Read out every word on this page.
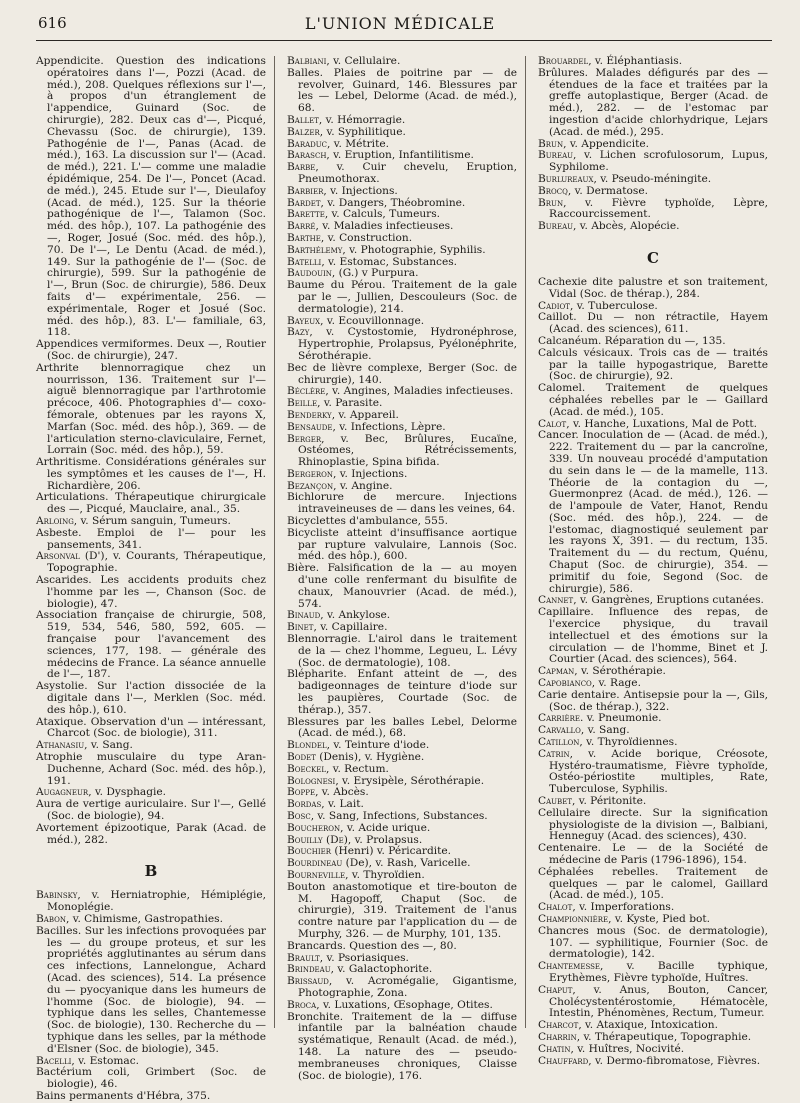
616	L'UNION MÉDICALE

Appendicite. Question des indications opératoires dans l'—, Pozzi (Acad. de méd.), 208. Quelques réflexions sur l'—, à propos d'un étranglement de l'appendice, Guinard (Soc. de chirurgie), 282. Deux cas d'—, Picqué, Chevassu (Soc. de chirurgie), 139. Pathogénie de l'—, Panas (Acad. de méd.), 163. La discussion sur l'— (Acad. de méd.), 221. L'— comme une maladie épidémique, 254. De l'—, Poncet (Acad. de méd.), 245. Etude sur l'—, Dieulafoy (Acad. de méd.), 125. Sur la théorie pathogénique de l'—, Talamon (Soc. méd. des hôp.), 107. La pathogénie des —, Roger, Josué (Soc. méd. des hôp.), 70. De l'—, Le Dentu (Acad. de méd.), 149. Sur la pathogénie de l'— (Soc. de chirurgie), 599. Sur la pathogénie de l'—, Brun (Soc. de chirurgie), 586. Deux faits d'— expérimentale, 256. — expérimentale, Roger et Josué (Soc. méd. des hôp.), 83. L'— familiale, 63, 118.

Appendices vermiformes. Deux —, Routier (Soc. de chirurgie), 247.

Arthrite blennorragique chez un nourrisson, 136. Traitement sur l'— aiguë blennorragique par l'arthrotomie précoce, 406. Photographies d'— coxo-fémorale, obtenues par les rayons X, Marfan (Soc. méd. des hôp.), 369. — de l'articulation sterno-claviculaire, Fernet, Lorrain (Soc. méd. des hôp.), 59.

Arthritisme. Considérations générales sur les symptômes et les causes de l'—, H. Richardière, 206.

Articulations. Thérapeutique chirurgicale des —, Picqué, Mauclaire, anal., 35.

Arloing, v. Sérum sanguin, Tumeurs.

Asbeste. Emploi de l'— pour les pansements, 341.

Arsonval (D'), v. Courants, Thérapeutique, Topographie.

Ascarides. Les accidents produits chez l'homme par les —, Chanson (Soc. de biologie), 47.

Association française de chirurgie, 508, 519, 534, 546, 580, 592, 605. — française pour l'avancement des sciences, 177, 198. — générale des médecins de France. La séance annuelle de l'—, 187.

Asystolie. Sur l'action dissociée de la digitale dans l'—, Merklen (Soc. méd. des hôp.), 610.

Ataxique. Observation d'un — intéressant, Charcot (Soc. de biologie), 311.

Athanasiu, v. Sang.

Atrophie musculaire du type Aran-Duchenne, Achard (Soc. méd. des hôp.), 191.

Augagneur, v. Dysphagie.

Aura de vertige auriculaire. Sur l'—, Gellé (Soc. de biologie), 94.

Avortement épizootique, Parak (Acad. de méd.), 282.

B

Babinsky, v. Herniatrophie, Hémiplégie, Monoplégie.

Babon, v. Chimisme, Gastropathies.

Bacilles. Sur les infections provoquées par les — du groupe proteus, et sur les propriétés agglutinantes au sérum dans ces infections, Lannelongue, Achard (Acad. des sciences), 514. La présence du — pyocyanique dans les humeurs de l'homme (Soc. de biologie), 94. — typhique dans les selles, Chantemesse (Soc. de biologie), 130. Recherche du — typhique dans les selles, par la méthode d'Elsner (Soc. de biologie), 345.

Bacelli, v. Estomac.

Bactérium coli, Grimbert (Soc. de biologie), 46.

Bains permanents d'Hébra, 375.

Balbiani, v. Cellulaire.

Balles. Plaies de poitrine par — de revolver, Guinard, 146. Blessures par les — Lebel, Delorme (Acad. de méd.), 68.

Ballet, v. Hémorragie.

Balzer, v. Syphilitique.

Baraduc, v. Métrite.

Barasch, v. Eruption, Infantilitisme.

Barbe, v. Cuir chevelu, Eruption, Pneumothorax.

Barbier, v. Injections.

Bardet, v. Dangers, Théobromine.

Barette, v. Calculs, Tumeurs.

Barré, v. Maladies infectieuses.

Barthe, v. Construction.

Barthélemy, v. Photographie, Syphilis.

Batelli, v. Estomac, Substances.

Baudouin, (G.) v Purpura.

Baume du Pérou. Traitement de la gale par le —, Jullien, Descouleurs (Soc. de dermatologie), 214.

Bayeux, v. Ecouvillonnage.

Bazy, v. Cystostomie, Hydronéphrose, Hypertrophie, Prolapsus, Pyélonéphrite, Sérothérapie.

Bec de lièvre complexe, Berger (Soc. de chirurgie), 140.

Béclère, v. Angines, Maladies infectieuses.

Beille, v. Parasite.

Benderky, v. Appareil.

Bensaude, v. Infections, Lèpre.

Berger, v. Bec, Brûlures, Eucaïne, Ostéomes, Rétrécissements, Rhinoplastie, Spina bifida.

Bergeron, v. Injections.

Bezançon, v. Angine.

Bichlorure de mercure. Injections intraveineuses de — dans les veines, 64.

Bicyclettes d'ambulance, 555.

Bicycliste atteint d'insuffisance aortique par rupture valvulaire, Lannois (Soc. méd. des hôp.), 600.

Bière. Falsification de la — au moyen d'une colle renfermant du bisulfite de chaux, Manouvrier (Acad. de méd.), 574.

Binaud, v. Ankylose.

Binet, v. Capillaire.

Blennorragie. L'airol dans le traitement de la — chez l'homme, Legueu, L. Lévy (Soc. de dermatologie), 108.

Blépharite. Enfant atteint de —, des badigeonnages de teinture d'iode sur les paupières, Courtade (Soc. de thérap.), 357.

Blessures par les balles Lebel, Delorme (Acad. de méd.), 68.

Blondel, v. Teinture d'iode.

Bodet (Denis), v. Hygiène.

Boeckel, v. Rectum.

Bolognesi, v. Erysipèle, Sérothérapie.

Boppe, v. Abcès.

Bordas, v. Lait.

Bosc, v. Sang, Infections, Substances.

Boucheron, v. Acide urique.

Bouilly (De), v. Prolapsus.

Bouchier (Henri) v. Péricardite.

Bourdineau (De), v. Rash, Varicelle.

Bourneville, v. Thyroïdien.

Bouton anastomotique et tire-bouton de M. Hagopoff, Chaput (Soc. de chirurgie), 319. Traitement de l'anus contre nature par l'application du — de Murphy, 326. — de Murphy, 101, 135.

Brancards. Question des —, 80.

Brault, v. Psoriasiques.

Brindeau, v. Galactophorite.

Brissaud, v. Acromégalie, Gigantisme, Photographie, Zona.

Broca, v. Luxations, Œsophage, Otites.

Bronchite. Traitement de la — diffuse infantile par la balnéation chaude systématique, Renault (Acad. de méd.), 148. La nature des — pseudo-membraneuses chroniques, Claisse (Soc. de biologie), 176.

Brouardel, v. Éléphantiasis.

Brûlures. Malades défigurés par des — étendues de la face et traitées par la greffe autoplastique, Berger (Acad. de méd.), 282. — de l'estomac par ingestion d'acide chlorhydrique, Lejars (Acad. de méd.), 295.

Brun, v. Appendicite.

Bureau, v. Lichen scrofulosorum, Lupus, Syphilome.

Burlureaux, v. Pseudo-méningite.

Brocq, v. Dermatose.

Brun, v. Fièvre typhoïde, Lèpre, Raccourcissement.

Bureau, v. Abcès, Alopécie.

C

Cachexie dite palustre et son traitement, Vidal (Soc. de thérap.), 284.

Cadiot, v. Tuberculose.

Caillot. Du — non rétractile, Hayem (Acad. des sciences), 611.

Calcanéum. Réparation du —, 135.

Calculs vésicaux. Trois cas de — traités par la taille hypogastrique, Barette (Soc. de chirurgie), 92.

Calomel. Traitement de quelques céphalées rebelles par le — Gaillard (Acad. de méd.), 105.

Calot, v. Hanche, Luxations, Mal de Pott.

Cancer. Inoculation de — (Acad. de méd.), 222. Traitement du — par la cancroïne, 339. Un nouveau procédé d'amputation du sein dans le — de la mamelle, 113. Théorie de la contagion du —, Guermonprez (Acad. de méd.), 126. — de l'ampoule de Vater, Hanot, Rendu (Soc. méd. des hôp.), 224. — de l'estomac, diagnostiqué seulement par les rayons X, 391. — du rectum, 135. Traitement du — du rectum, Quénu, Chaput (Soc. de chirurgie), 354. — primitif du foie, Segond (Soc. de chirurgie), 586.

Cannet, v. Gangrènes, Eruptions cutanées.

Capillaire. Influence des repas, de l'exercice physique, du travail intellectuel et des émotions sur la circulation — de l'homme, Binet et J. Courtier (Acad. des sciences), 564.

Capman, v. Sérothérapie.

Capobianco, v. Rage.

Carie dentaire. Antisepsie pour la —, Gils, (Soc. de thérap.), 322.

Carrière. v. Pneumonie.

Carvallo, v. Sang.

Catillon, v. Thyroïdiennes.

Catrin, v. Acide borique, Créosote, Hystéro-traumatisme, Fièvre typhoïde, Ostéo-périostite multiples, Rate, Tuberculose, Syphilis.

Caubet, v. Péritonite.

Cellulaire directe. Sur la signification physiologiste de la division —, Balbiani, Henneguy (Acad. des sciences), 430.

Centenaire. Le — de la Société de médecine de Paris (1796-1896), 154.

Céphalées rebelles. Traitement de quelques — par le calomel, Gaillard (Acad. de méd.), 105.

Chalot, v. Imperforations.

Championnière, v. Kyste, Pied bot.

Chancres mous (Soc. de dermatologie), 107. — syphilitique, Fournier (Soc. de dermatologie), 142.

Chantemesse, v. Bacille typhique, Erythèmes, Fièvre typhoïde, Huîtres.

Chaput, v. Anus, Bouton, Cancer, Cholécystentérostomie, Hématocèle, Intestin, Phénomènes, Rectum, Tumeur.

Charcot, v. Ataxique, Intoxication.

Charrin, v. Thérapeutique, Topographie.

Chatin, v. Huîtres, Nocivité.

Chauffard, v. Dermo-fibromatose, Fièvres.
